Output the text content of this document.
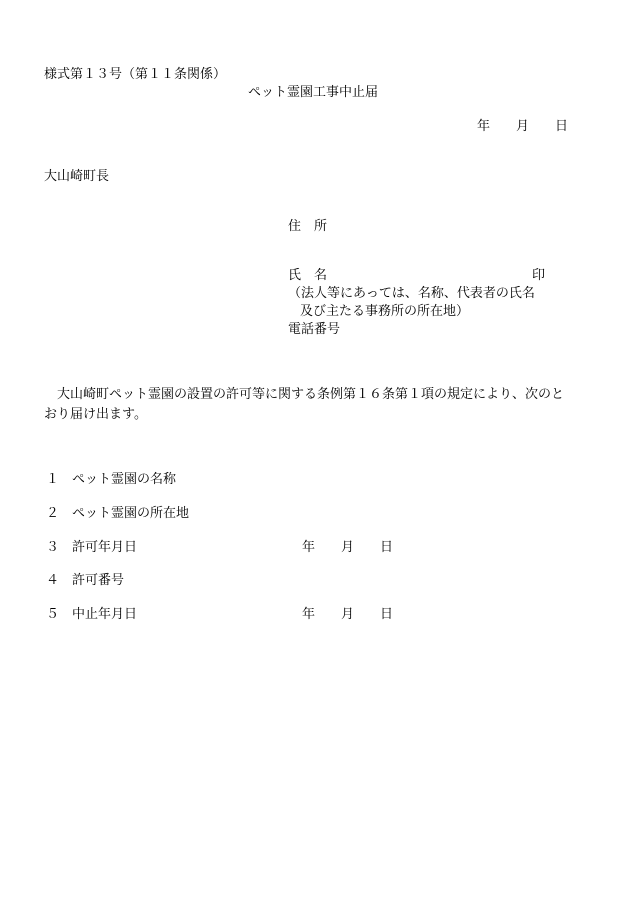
様式第１３号（第１１条関係）
ペット霊園工事中止届
年　　月　　日
大山崎町長
住　所
氏　名	印
（法人等にあっては、名称、代表者の氏名
及び主たる事務所の所在地）
電話番号

　大山崎町ペット霊園の設置の許可等に関する条例第１６条第１項の規定により、次のと

おり届け出ます。

１ ペット霊園の名称
２ ペット霊園の所在地
３ 許可年月日	年　　月　　日
４ 許可番号
５ 中止年月日	年　　月　　日
